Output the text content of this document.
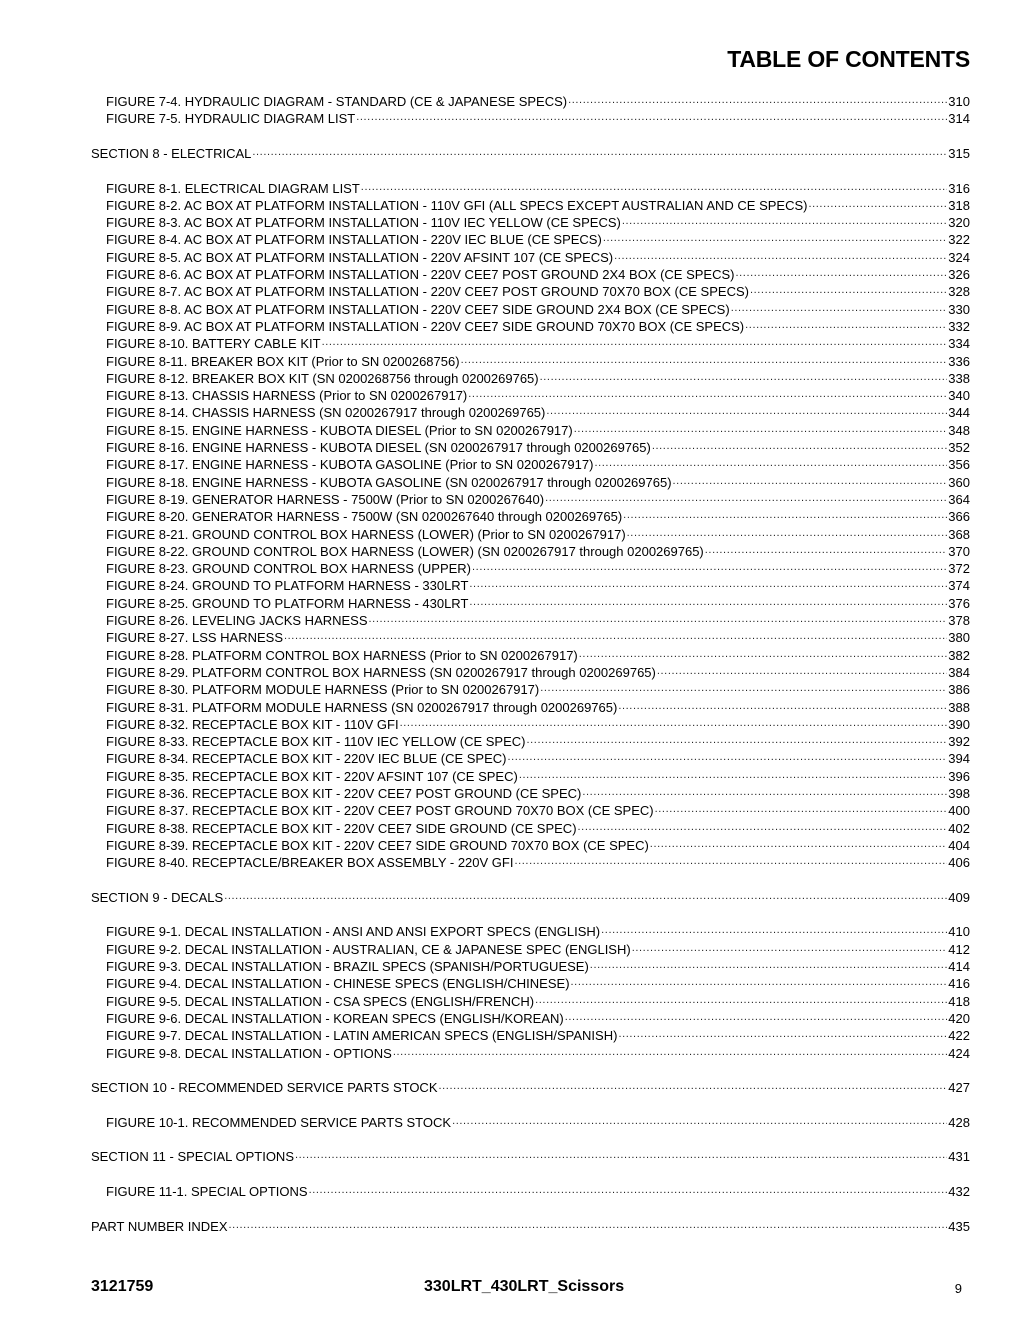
TABLE OF CONTENTS
FIGURE 7-4. HYDRAULIC DIAGRAM - STANDARD (CE & JAPANESE SPECS) .....	310
FIGURE 7-5. HYDRAULIC DIAGRAM LIST .....	314
SECTION 8 - ELECTRICAL .....	315
FIGURE 8-1. ELECTRICAL DIAGRAM LIST .....	316
FIGURE 8-2. AC BOX AT PLATFORM INSTALLATION - 110V GFI (ALL SPECS EXCEPT AUSTRALIAN AND CE SPECS) .....	318
FIGURE 8-3. AC BOX AT PLATFORM INSTALLATION - 110V IEC YELLOW (CE SPECS) .....	320
FIGURE 8-4. AC BOX AT PLATFORM INSTALLATION - 220V IEC BLUE (CE SPECS) .....	322
FIGURE 8-5. AC BOX AT PLATFORM INSTALLATION - 220V AFSINT 107 (CE SPECS) .....	324
FIGURE 8-6. AC BOX AT PLATFORM INSTALLATION - 220V CEE7 POST GROUND 2X4 BOX (CE SPECS) .....	326
FIGURE 8-7. AC BOX AT PLATFORM INSTALLATION - 220V CEE7 POST GROUND 70X70 BOX (CE SPECS) .....	328
FIGURE 8-8. AC BOX AT PLATFORM INSTALLATION - 220V CEE7 SIDE GROUND 2X4 BOX (CE SPECS) .....	330
FIGURE 8-9. AC BOX AT PLATFORM INSTALLATION - 220V CEE7 SIDE GROUND 70X70 BOX (CE SPECS) .....	332
FIGURE 8-10. BATTERY CABLE KIT .....	334
FIGURE 8-11. BREAKER BOX KIT (Prior to SN 0200268756) .....	336
FIGURE 8-12. BREAKER BOX KIT (SN 0200268756 through 0200269765) .....	338
FIGURE 8-13. CHASSIS HARNESS (Prior to SN 0200267917) .....	340
FIGURE 8-14. CHASSIS HARNESS (SN 0200267917 through 0200269765) .....	344
FIGURE 8-15. ENGINE HARNESS - KUBOTA DIESEL (Prior to SN 0200267917) .....	348
FIGURE 8-16. ENGINE HARNESS - KUBOTA DIESEL (SN 0200267917 through 0200269765) .....	352
FIGURE 8-17. ENGINE HARNESS - KUBOTA GASOLINE (Prior to SN 0200267917) .....	356
FIGURE 8-18. ENGINE HARNESS - KUBOTA GASOLINE (SN 0200267917 through 0200269765) .....	360
FIGURE 8-19. GENERATOR HARNESS - 7500W (Prior to SN 0200267640) .....	364
FIGURE 8-20. GENERATOR HARNESS - 7500W (SN 0200267640 through 0200269765) .....	366
FIGURE 8-21. GROUND CONTROL BOX HARNESS (LOWER) (Prior to SN 0200267917) .....	368
FIGURE 8-22. GROUND CONTROL BOX HARNESS (LOWER) (SN 0200267917 through 0200269765) .....	370
FIGURE 8-23. GROUND CONTROL BOX HARNESS (UPPER) .....	372
FIGURE 8-24. GROUND TO PLATFORM HARNESS - 330LRT .....	374
FIGURE 8-25. GROUND TO PLATFORM HARNESS - 430LRT .....	376
FIGURE 8-26. LEVELING JACKS HARNESS .....	378
FIGURE 8-27. LSS HARNESS .....	380
FIGURE 8-28. PLATFORM CONTROL BOX HARNESS (Prior to SN 0200267917) .....	382
FIGURE 8-29. PLATFORM CONTROL BOX HARNESS (SN 0200267917 through 0200269765) .....	384
FIGURE 8-30. PLATFORM MODULE HARNESS (Prior to SN 0200267917) .....	386
FIGURE 8-31. PLATFORM MODULE HARNESS (SN 0200267917 through 0200269765) .....	388
FIGURE 8-32. RECEPTACLE BOX KIT - 110V GFI .....	390
FIGURE 8-33. RECEPTACLE BOX KIT - 110V IEC YELLOW (CE SPEC) .....	392
FIGURE 8-34. RECEPTACLE BOX KIT - 220V IEC BLUE (CE SPEC) .....	394
FIGURE 8-35. RECEPTACLE BOX KIT - 220V AFSINT 107 (CE SPEC) .....	396
FIGURE 8-36. RECEPTACLE BOX KIT - 220V CEE7 POST GROUND (CE SPEC) .....	398
FIGURE 8-37. RECEPTACLE BOX KIT - 220V CEE7 POST GROUND 70X70 BOX (CE SPEC) .....	400
FIGURE 8-38. RECEPTACLE BOX KIT - 220V CEE7 SIDE GROUND (CE SPEC) .....	402
FIGURE 8-39. RECEPTACLE BOX KIT - 220V CEE7 SIDE GROUND 70X70 BOX (CE SPEC) .....	404
FIGURE 8-40. RECEPTACLE/BREAKER BOX ASSEMBLY - 220V GFI .....	406
SECTION 9 - DECALS .....	409
FIGURE 9-1. DECAL INSTALLATION - ANSI AND ANSI EXPORT SPECS (ENGLISH) .....	410
FIGURE 9-2. DECAL INSTALLATION - AUSTRALIAN, CE & JAPANESE SPEC (ENGLISH) .....	412
FIGURE 9-3. DECAL INSTALLATION - BRAZIL SPECS (SPANISH/PORTUGUESE) .....	414
FIGURE 9-4. DECAL INSTALLATION - CHINESE SPECS (ENGLISH/CHINESE) .....	416
FIGURE 9-5. DECAL INSTALLATION - CSA SPECS (ENGLISH/FRENCH) .....	418
FIGURE 9-6. DECAL INSTALLATION - KOREAN SPECS (ENGLISH/KOREAN) .....	420
FIGURE 9-7. DECAL INSTALLATION - LATIN AMERICAN SPECS (ENGLISH/SPANISH) .....	422
FIGURE 9-8. DECAL INSTALLATION - OPTIONS .....	424
SECTION 10 - RECOMMENDED SERVICE PARTS STOCK .....	427
FIGURE 10-1. RECOMMENDED SERVICE PARTS STOCK .....	428
SECTION 11 - SPECIAL OPTIONS .....	431
FIGURE 11-1. SPECIAL OPTIONS .....	432
PART NUMBER INDEX .....	435
3121759	330LRT_430LRT_Scissors	9
